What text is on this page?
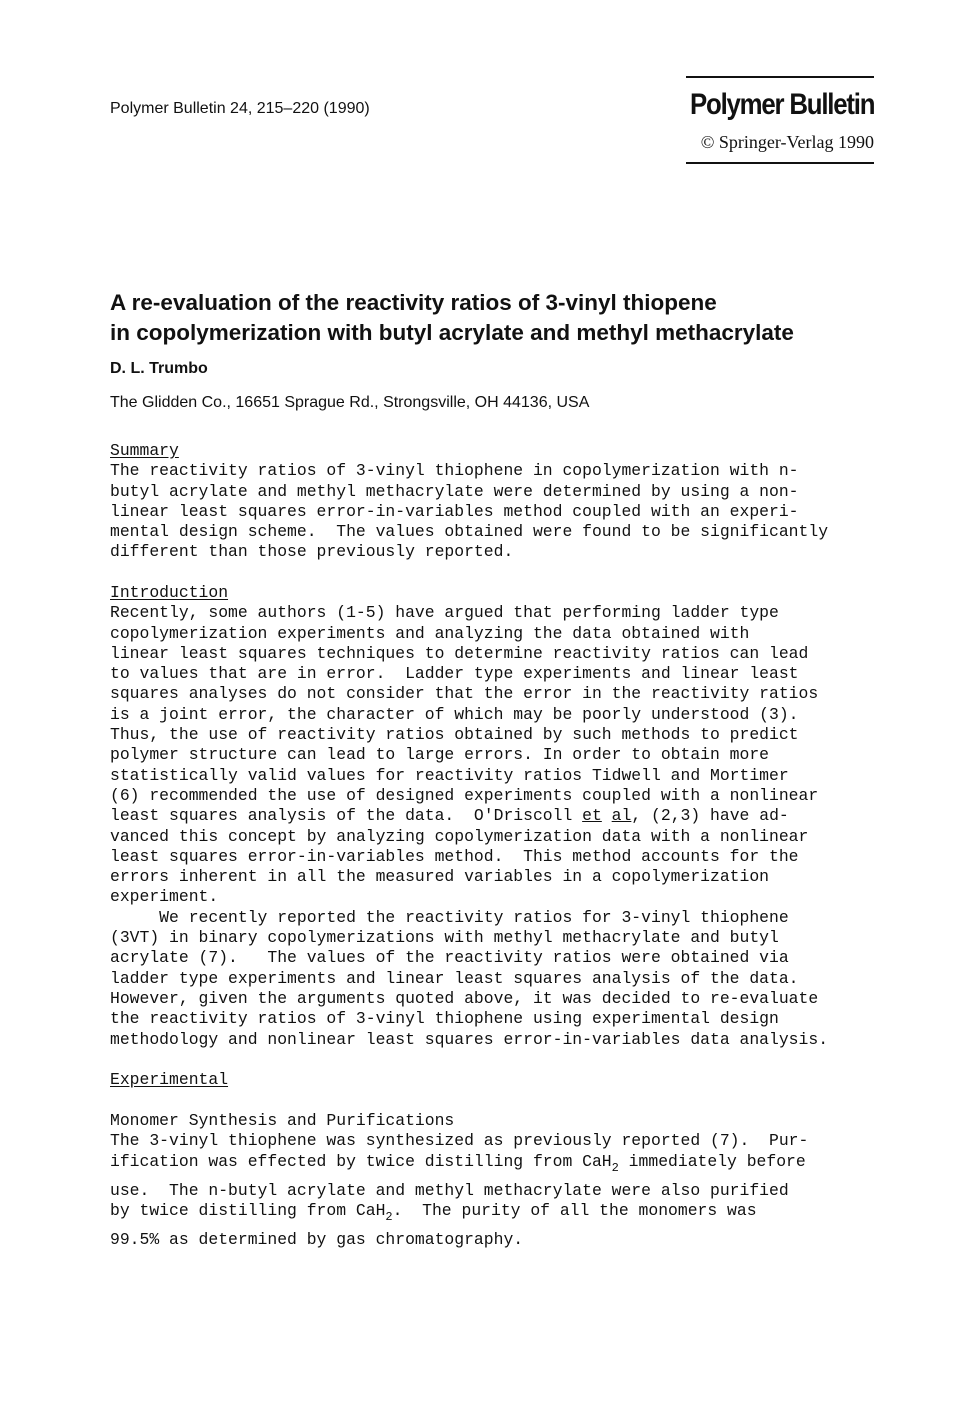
Polymer Bulletin 24, 215–220 (1990)	Polymer Bulletin
© Springer-Verlag 1990
A re-evaluation of the reactivity ratios of 3-vinyl thiopene
in copolymerization with butyl acrylate and methyl methacrylate
D. L. Trumbo
The Glidden Co., 16651 Sprague Rd., Strongsville, OH 44136, USA
Summary
The reactivity ratios of 3-vinyl thiophene in copolymerization with n-
butyl acrylate and methyl methacrylate were determined by using a non-
linear least squares error-in-variables method coupled with an experi-
mental design scheme.  The values obtained were found to be significantly
different than those previously reported.
Introduction
Recently, some authors (1-5) have argued that performing ladder type
copolymerization experiments and analyzing the data obtained with
linear least squares techniques to determine reactivity ratios can lead
to values that are in error.  Ladder type experiments and linear least
squares analyses do not consider that the error in the reactivity ratios
is a joint error, the character of which may be poorly understood (3).
Thus, the use of reactivity ratios obtained by such methods to predict
polymer structure can lead to large errors. In order to obtain more
statistically valid values for reactivity ratios Tidwell and Mortimer
(6) recommended the use of designed experiments coupled with a nonlinear
least squares analysis of the data.  O'Driscoll et al, (2,3) have ad-
vanced this concept by analyzing copolymerization data with a nonlinear
least squares error-in-variables method.  This method accounts for the
errors inherent in all the measured variables in a copolymerization
experiment.
We recently reported the reactivity ratios for 3-vinyl thiophene
(3VT) in binary copolymerizations with methyl methacrylate and butyl
acrylate (7).   The values of the reactivity ratios were obtained via
ladder type experiments and linear least squares analysis of the data.
However, given the arguments quoted above, it was decided to re-evaluate
the reactivity ratios of 3-vinyl thiophene using experimental design
methodology and nonlinear least squares error-in-variables data analysis.
Experimental
Monomer Synthesis and Purifications
The 3-vinyl thiophene was synthesized as previously reported (7).  Pur-
ification was effected by twice distilling from CaH$_2$ immediately before
use.  The n-butyl acrylate and methyl methacrylate were also purified
by twice distilling from CaH$_2$.  The purity of all the monomers was
99.5% as determined by gas chromatography.
